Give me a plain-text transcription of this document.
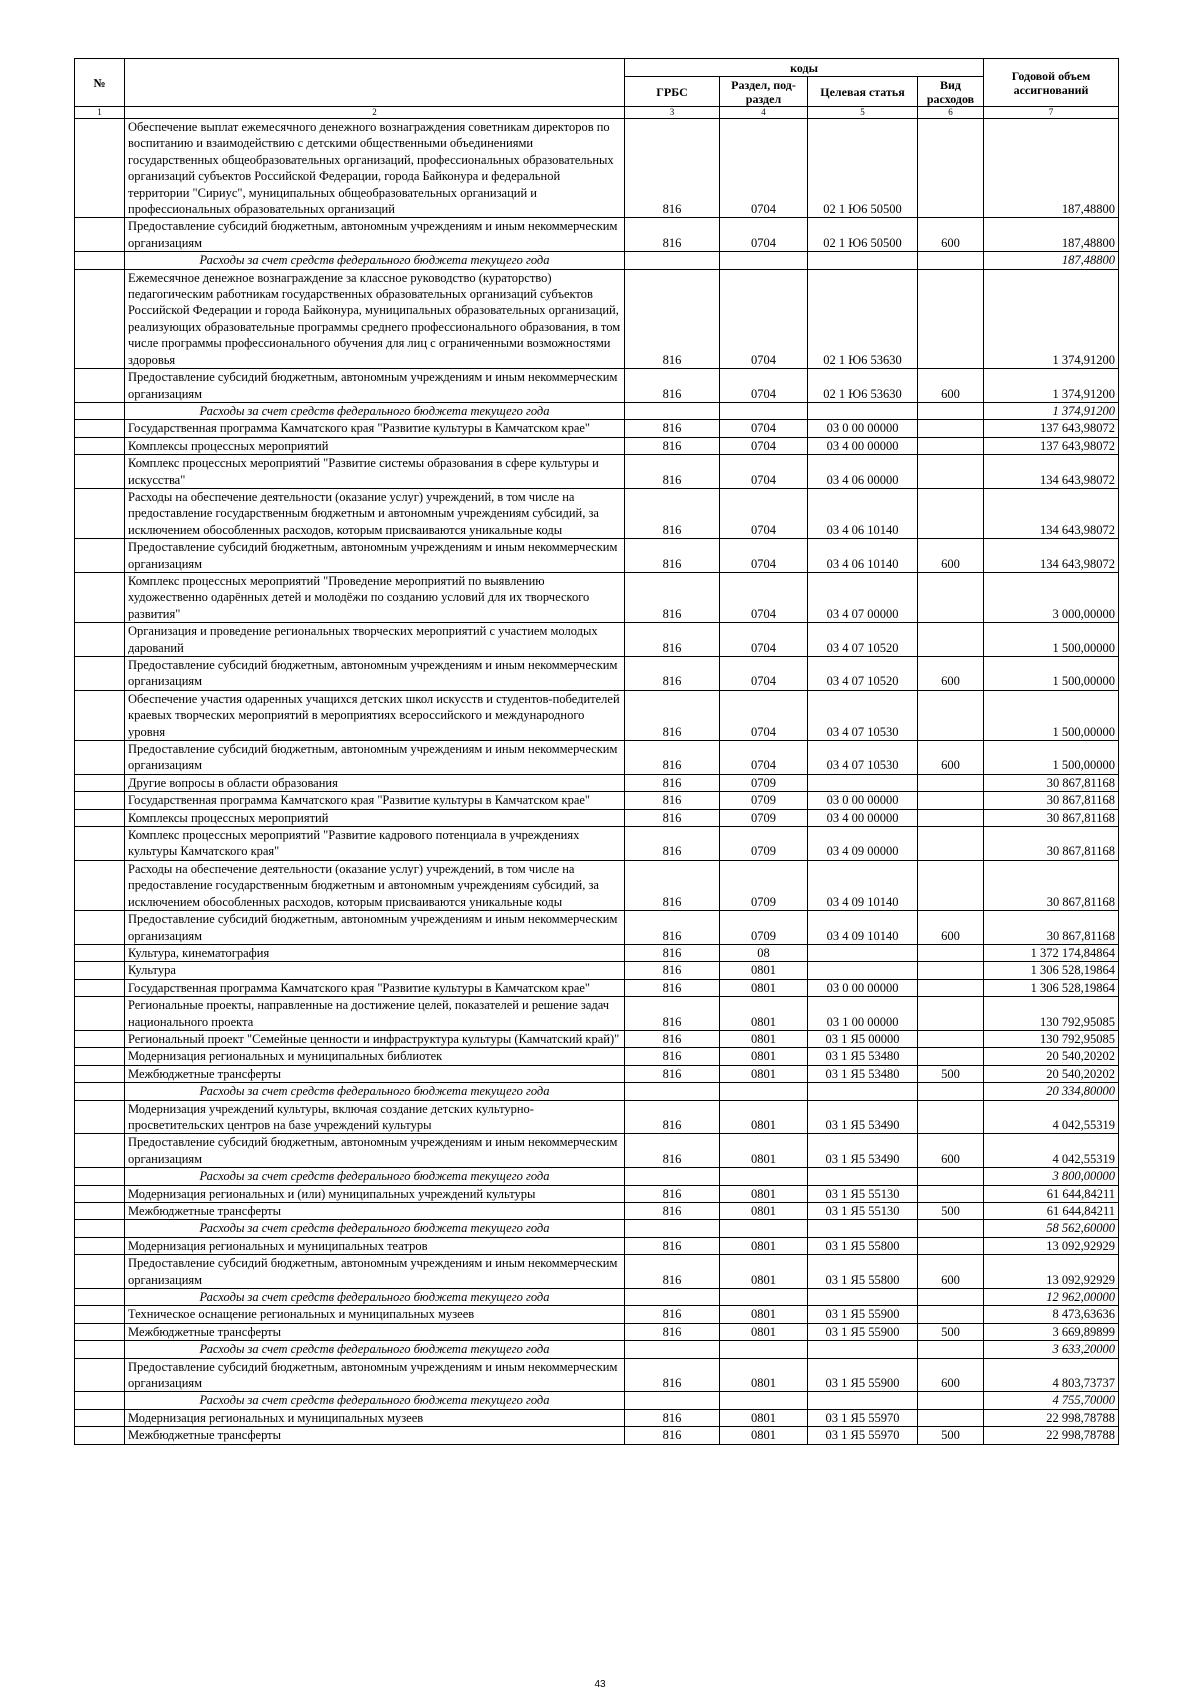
№		коды				Годовой объем ассигнований
		ГРБС	Раздел, под-раздел	Целевая статья	Вид расходов	
1	2	3	4	5	6	7
	Обеспечение выплат ежемесячного денежного вознаграждения советникам директоров по воспитанию и взаимодействию с детскими общественными объединениями государственных общеобразовательных организаций, профессиональных образовательных организаций субъектов Российской Федерации, города Байконура и федеральной территории "Сириус", муниципальных общеобразовательных организаций и профессиональных образовательных организаций	816	0704	02 1 Ю6 50500		187,48800
	Предоставление субсидий бюджетным, автономным учреждениям и иным некоммерческим организациям	816	0704	02 1 Ю6 50500	600	187,48800
	Расходы за счет средств федерального бюджета текущего года					187,48800
	Ежемесячное денежное вознаграждение за классное руководство (кураторство) педагогическим работникам государственных образовательных организаций субъектов Российской Федерации и города Байконура, муниципальных образовательных организаций, реализующих образовательные программы среднего профессионального образования, в том числе программы профессионального обучения для лиц с ограниченными возможностями здоровья	816	0704	02 1 Ю6 53630		1 374,91200
	Предоставление субсидий бюджетным, автономным учреждениям и иным некоммерческим организациям	816	0704	02 1 Ю6 53630	600	1 374,91200
	Расходы за счет средств федерального бюджета текущего года					1 374,91200
	Государственная программа Камчатского края "Развитие культуры в Камчатском крае"	816	0704	03 0 00 00000		137 643,98072
	Комплексы процессных мероприятий	816	0704	03 4 00 00000		137 643,98072
	Комплекс процессных мероприятий "Развитие системы образования в сфере культуры и искусства"	816	0704	03 4 06 00000		134 643,98072
	Расходы на обеспечение деятельности (оказание услуг) учреждений, в том числе на предоставление государственным бюджетным и автономным учреждениям субсидий, за исключением обособленных расходов, которым присваиваются уникальные коды	816	0704	03 4 06 10140		134 643,98072
	Предоставление субсидий бюджетным, автономным учреждениям и иным некоммерческим организациям	816	0704	03 4 06 10140	600	134 643,98072
	Комплекс процессных мероприятий "Проведение мероприятий по выявлению художественно одарённых детей и молодёжи по созданию условий для их творческого развития"	816	0704	03 4 07 00000		3 000,00000
	Организация и проведение региональных творческих мероприятий с участием молодых дарований	816	0704	03 4 07 10520		1 500,00000
	Предоставление субсидий бюджетным, автономным учреждениям и иным некоммерческим организациям	816	0704	03 4 07 10520	600	1 500,00000
	Обеспечение участия одаренных учащихся детских школ искусств и студентов-победителей краевых творческих мероприятий в мероприятиях всероссийского и международного уровня	816	0704	03 4 07 10530		1 500,00000
	Предоставление субсидий бюджетным, автономным учреждениям и иным некоммерческим организациям	816	0704	03 4 07 10530	600	1 500,00000
	Другие вопросы в области образования	816	0709			30 867,81168
	Государственная программа Камчатского края "Развитие культуры в Камчатском крае"	816	0709	03 0 00 00000		30 867,81168
	Комплексы процессных мероприятий	816	0709	03 4 00 00000		30 867,81168
	Комплекс процессных мероприятий "Развитие кадрового потенциала в учреждениях культуры Камчатского края"	816	0709	03 4 09 00000		30 867,81168
	Расходы на обеспечение деятельности (оказание услуг) учреждений, в том числе на предоставление государственным бюджетным и автономным учреждениям субсидий, за исключением обособленных расходов, которым присваиваются уникальные коды	816	0709	03 4 09 10140		30 867,81168
	Предоставление субсидий бюджетным, автономным учреждениям и иным некоммерческим организациям	816	0709	03 4 09 10140	600	30 867,81168
	Культура, кинематография	816	08			1 372 174,84864
	Культура	816	0801			1 306 528,19864
	Государственная программа Камчатского края "Развитие культуры в Камчатском крае"	816	0801	03 0 00 00000		1 306 528,19864
	Региональные проекты, направленные на достижение целей, показателей и решение задач национального проекта	816	0801	03 1 00 00000		130 792,95085
	Региональный проект "Семейные ценности и инфраструктура культуры (Камчатский край)"	816	0801	03 1 Я5 00000		130 792,95085
	Модернизация региональных и муниципальных библиотек	816	0801	03 1 Я5 53480		20 540,20202
	Межбюджетные трансферты	816	0801	03 1 Я5 53480	500	20 540,20202
	Расходы за счет средств федерального бюджета текущего года					20 334,80000
	Модернизация учреждений культуры, включая создание детских культурно-просветительских центров на базе учреждений культуры	816	0801	03 1 Я5 53490		4 042,55319
	Предоставление субсидий бюджетным, автономным учреждениям и иным некоммерческим организациям	816	0801	03 1 Я5 53490	600	4 042,55319
	Расходы за счет средств федерального бюджета текущего года					3 800,00000
	Модернизация региональных и (или) муниципальных учреждений культуры	816	0801	03 1 Я5 55130		61 644,84211
	Межбюджетные трансферты	816	0801	03 1 Я5 55130	500	61 644,84211
	Расходы за счет средств федерального бюджета текущего года					58 562,60000
	Модернизация региональных и муниципальных театров	816	0801	03 1 Я5 55800		13 092,92929
	Предоставление субсидий бюджетным, автономным учреждениям и иным некоммерческим организациям	816	0801	03 1 Я5 55800	600	13 092,92929
	Расходы за счет средств федерального бюджета текущего года					12 962,00000
	Техническое оснащение региональных и муниципальных музеев	816	0801	03 1 Я5 55900		8 473,63636
	Межбюджетные трансферты	816	0801	03 1 Я5 55900	500	3 669,89899
	Расходы за счет средств федерального бюджета текущего года					3 633,20000
	Предоставление субсидий бюджетным, автономным учреждениям и иным некоммерческим организациям	816	0801	03 1 Я5 55900	600	4 803,73737
	Расходы за счет средств федерального бюджета текущего года					4 755,70000
	Модернизация региональных и муниципальных музеев	816	0801	03 1 Я5 55970		22 998,78788
	Межбюджетные трансферты	816	0801	03 1 Я5 55970	500	22 998,78788
43
